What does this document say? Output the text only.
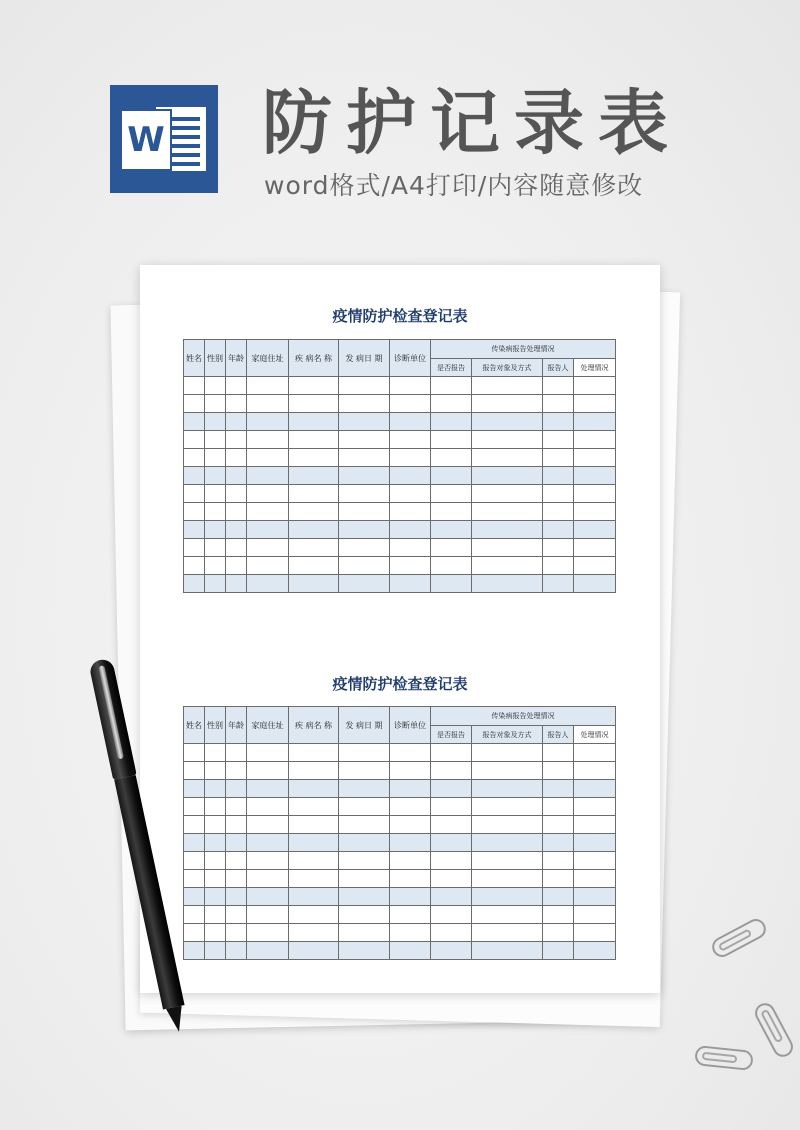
W 防护记录表
word格式/A4打印/内容随意修改
疫情防护检查登记表
姓名	性别	年龄	家庭住址	疾 病名 称	发 病日 期	诊断单位	传染病报告处理情况			
							是否报告	报告对象及方式	报告人	处理情况

疫情防护检查登记表
姓名	性别	年龄	家庭住址	疾 病名 称	发 病日 期	诊断单位	传染病报告处理情况			
							是否报告	报告对象及方式	报告人	处理情况
